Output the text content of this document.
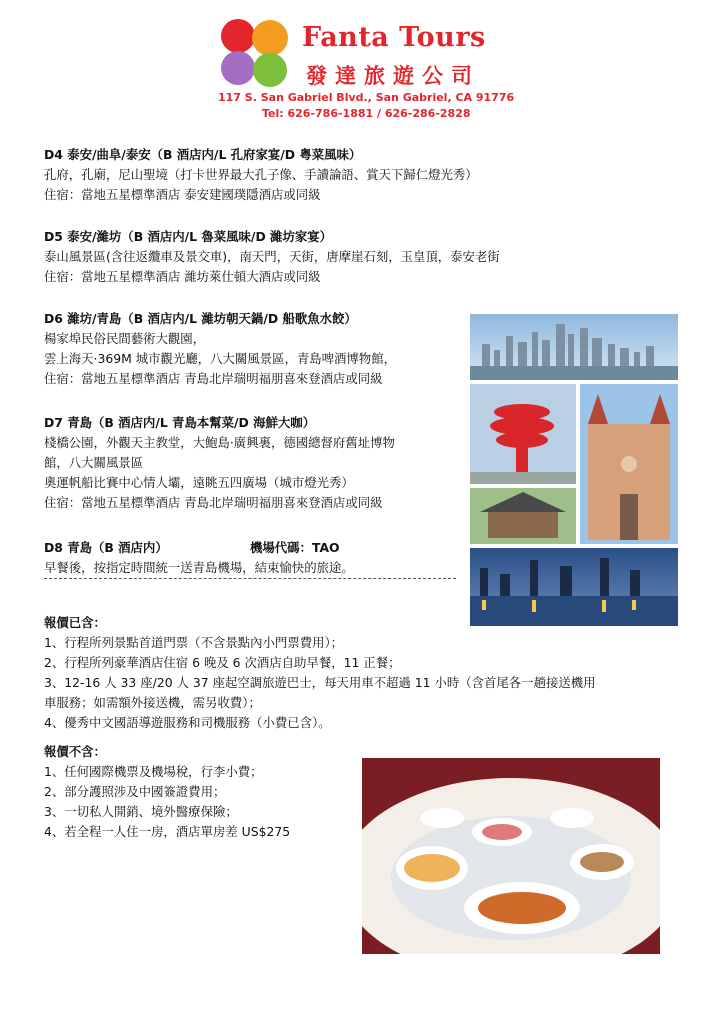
Fanta Tours
發達旅遊公司
117 S. San Gabriel Blvd., San Gabriel, CA 91776
Tel: 626-786-1881 / 626-286-2828
D4 泰安/曲阜/泰安（B 酒店内/L 孔府家宴/D 粤菜風味）
孔府，孔廟，尼山聖境（打卡世界最大孔子像、手讀論語、賞天下歸仁燈光秀）
住宿：當地五星標準酒店 泰安建國璞隱酒店或同級
D5 泰安/濰坊（B 酒店内/L 魯菜風味/D 濰坊家宴）
泰山風景區(含往返纜車及景交車)，南天門，天街，唐摩崖石刻，玉皇頂，泰安老街
住宿：當地五星標準酒店 濰坊萊仕頓大酒店或同級
D6 濰坊/青島（B 酒店内/L 濰坊朝天鍋/D 船歌魚水餃）
楊家埠民俗民間藝術大觀園，
雲上海天·369M 城市觀光廳，八大關風景區，青島啤酒博物館，
住宿：當地五星標準酒店 青島北岸瑞明福朋喜來登酒店或同級
D7 青島（B 酒店内/L 青島本幫菜/D 海鮮大咖）
棧橋公園，外觀天主教堂，大鮑島·廣興裏，德國總督府舊址博物
館，八大關風景區
奧運帆船比賽中心情人壩，遠眺五四廣場（城市燈光秀）
住宿：當地五星標準酒店 青島北岸瑞明福朋喜來登酒店或同級
D8 青島（B 酒店内）	機場代碼：TAO
早餐後，按指定時間統一送青島機場，結束愉快的旅途。
報價已含：
1、行程所列景點首道門票（不含景點內小門票費用）；
2、行程所列豪華酒店住宿 6 晚及 6 次酒店自助早餐，11 正餐；
3、12-16 人 33 座/20 人 37 座起空調旅遊巴士，每天用車不超過 11 小時（含首尾各一趟接送機用
車服務；如需額外接送機，需另收費）；
4、優秀中文國語導遊服務和司機服務（小費已含）。
報價不含：
1、任何國際機票及機場稅，行李小費；
2、部分護照涉及中國簽證費用；
3、一切私人開銷、境外醫療保險；
4、若全程一人住一房，酒店單房差 US$275
